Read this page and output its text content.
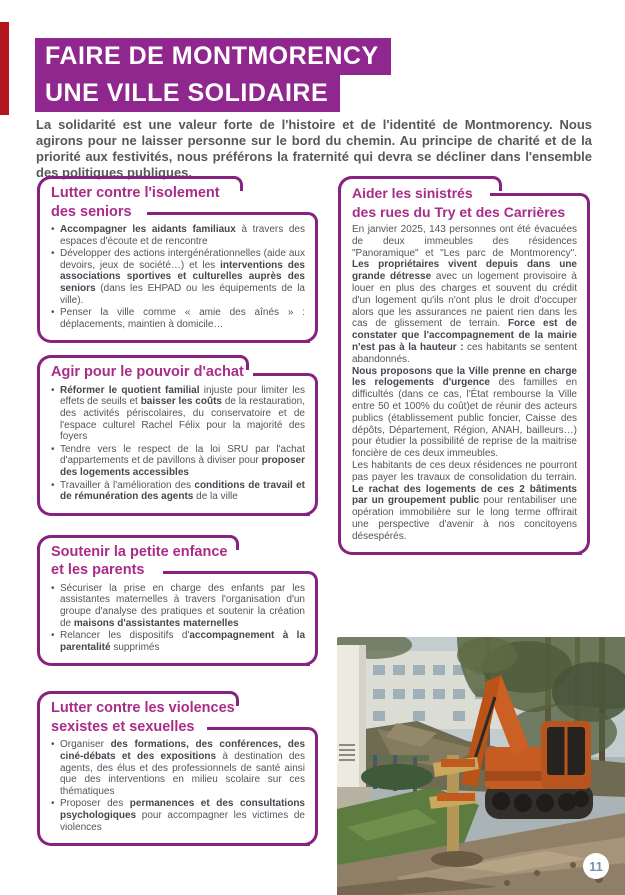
FAIRE DE MONTMORENCY
UNE VILLE SOLIDAIRE

La solidarité est une valeur forte de l'histoire et de l'identité de Montmorency. Nous agirons pour ne laisser personne sur le bord du chemin. Au principe de charité et de la priorité aux festivités, nous préférons la fraternité qui devra se décliner dans l'ensemble des politiques publiques.

Lutter contre l'isolement
des seniors
• Accompagner les aidants familiaux à travers des espaces d'écoute et de rencontre
• Développer des actions intergénérationnelles (aide aux devoirs, jeux de société…) et les interventions des associations sportives et culturelles auprès des seniors (dans les EHPAD ou les équipements de la ville).
• Penser la ville comme « amie des aînés » : déplacements, maintien à domicile…
Agir pour le pouvoir d'achat
• Réformer le quotient familial injuste pour limiter les effets de seuils et baisser les coûts de la restauration, des activités périscolaires, du conservatoire et de l'espace culturel Rachel Félix pour la majorité des foyers
• Tendre vers le respect de la loi SRU par l'achat d'appartements et de pavillons à diviser pour proposer des logements accessibles
• Travailler à l'amélioration des conditions de travail et de rémunération des agents de la ville
Soutenir la petite enfance
et les parents
• Sécuriser la prise en charge des enfants par les assistantes maternelles à travers l'organisation d'un groupe d'analyse des pratiques et soutenir la création de maisons d'assistantes maternelles
• Relancer les dispositifs d'accompagnement à la parentalité supprimés
Lutter contre les violences
sexistes et sexuelles
• Organiser des formations, des conférences, des ciné-débats et des expositions à destination des agents, des élus et des professionnels de santé ainsi que des interventions en milieu scolaire sur ces thématiques
• Proposer des permanences et des consultations psychologiques pour accompagner les victimes de violences
Aider les sinistrés
des rues du Try et des Carrières

En janvier 2025, 143 personnes ont été évacuées de deux immeubles des résidences "Panoramique" et "Les parc de Montmorency". Les propriétaires vivent depuis dans une grande détresse avec un logement provisoire à louer en plus des charges et souvent du crédit d'un logement qu'ils n'ont plus le droit d'occuper alors que les assurances ne paient rien dans les cas de glissement de terrain. Force est de constater que l'accompagnement de la mairie n'est pas à la hauteur : ces habitants se sentent abandonnés.

Nous proposons que la Ville prenne en charge les relogements d'urgence des familles en difficultés (dans ce cas, l'État rembourse la Ville entre 50 et 100% du coût)et de réunir des acteurs publics (établissement public foncier, Caisse des dépôts, Département, Région, ANAH, bailleurs…) pour étudier la possibilité de reprise de la maitrise foncière de ces deux immeubles.

Les habitants de ces deux résidences ne pourront pas payer les travaux de consolidation du terrain. Le rachat des logements de ces 2 bâtiments par un groupement public pour rentabiliser une opération immobilière sur le long terme offrirait une perspective d'avenir à nos concitoyens désespérés.

11
